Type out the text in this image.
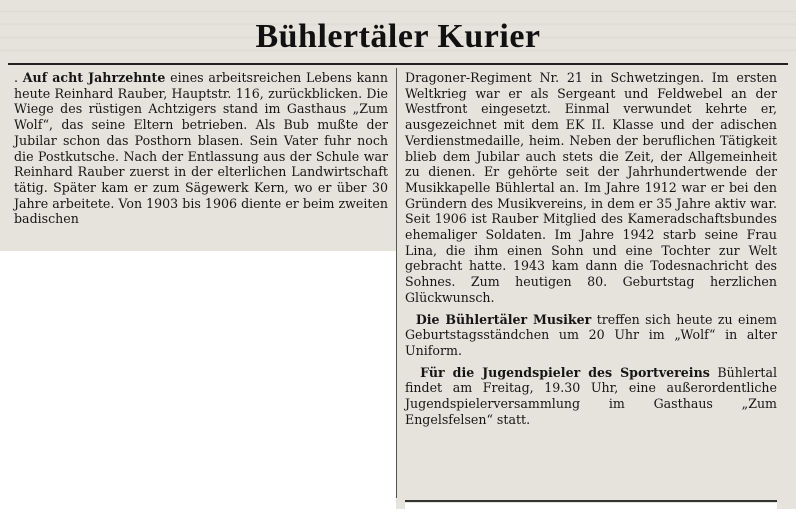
Bühlertäler Kurier

. Auf acht Jahrzehnte eines arbeitsreichen Lebens kann heute Reinhard Rauber, Hauptstr. 116, zurückblicken. Die Wiege des rüstigen Achtzigers stand im Gasthaus „Zum Wolf“, das seine Eltern betrieben. Als Bub mußte der Jubilar schon das Posthorn blasen. Sein Vater fuhr noch die Postkutsche. Nach der Entlassung aus der Schule war Reinhard Rauber zuerst in der elterlichen Landwirtschaft tätig. Später kam er zum Sägewerk Kern, wo er über 30 Jahre arbeitete. Von 1903 bis 1906 diente er beim zweiten badischen

Dragoner-Regiment Nr. 21 in Schwetzingen. Im ersten Weltkrieg war er als Sergeant und Feldwebel an der Westfront eingesetzt. Einmal verwundet kehrte er, ausgezeichnet mit dem EK II. Klasse und der adischen Verdienstmedaille, heim. Neben der beruflichen Tätigkeit blieb dem Jubilar auch stets die Zeit, der Allgemeinheit zu dienen. Er gehörte seit der Jahrhundertwende der Musikkapelle Bühlertal an. Im Jahre 1912 war er bei den Gründern des Musikvereins, in dem er 35 Jahre aktiv war. Seit 1906 ist Rauber Mitglied des Kameradschaftsbundes ehemaliger Soldaten. Im Jahre 1942 starb seine Frau Lina, die ihm einen Sohn und eine Tochter zur Welt gebracht hatte. 1943 kam dann die Todesnachricht des Sohnes. Zum heutigen 80. Geburtstag herzlichen Glückwunsch.

Die Bühlertäler Musiker treffen sich heute zu einem Geburtstagsständchen um 20 Uhr im „Wolf“ in alter Uniform.

Für die Jugendspieler des Sportvereins Bühlertal findet am Freitag, 19.30 Uhr, eine außerordentliche Jugendspielerversammlung im Gasthaus „Zum Engelsfelsen“ statt.
